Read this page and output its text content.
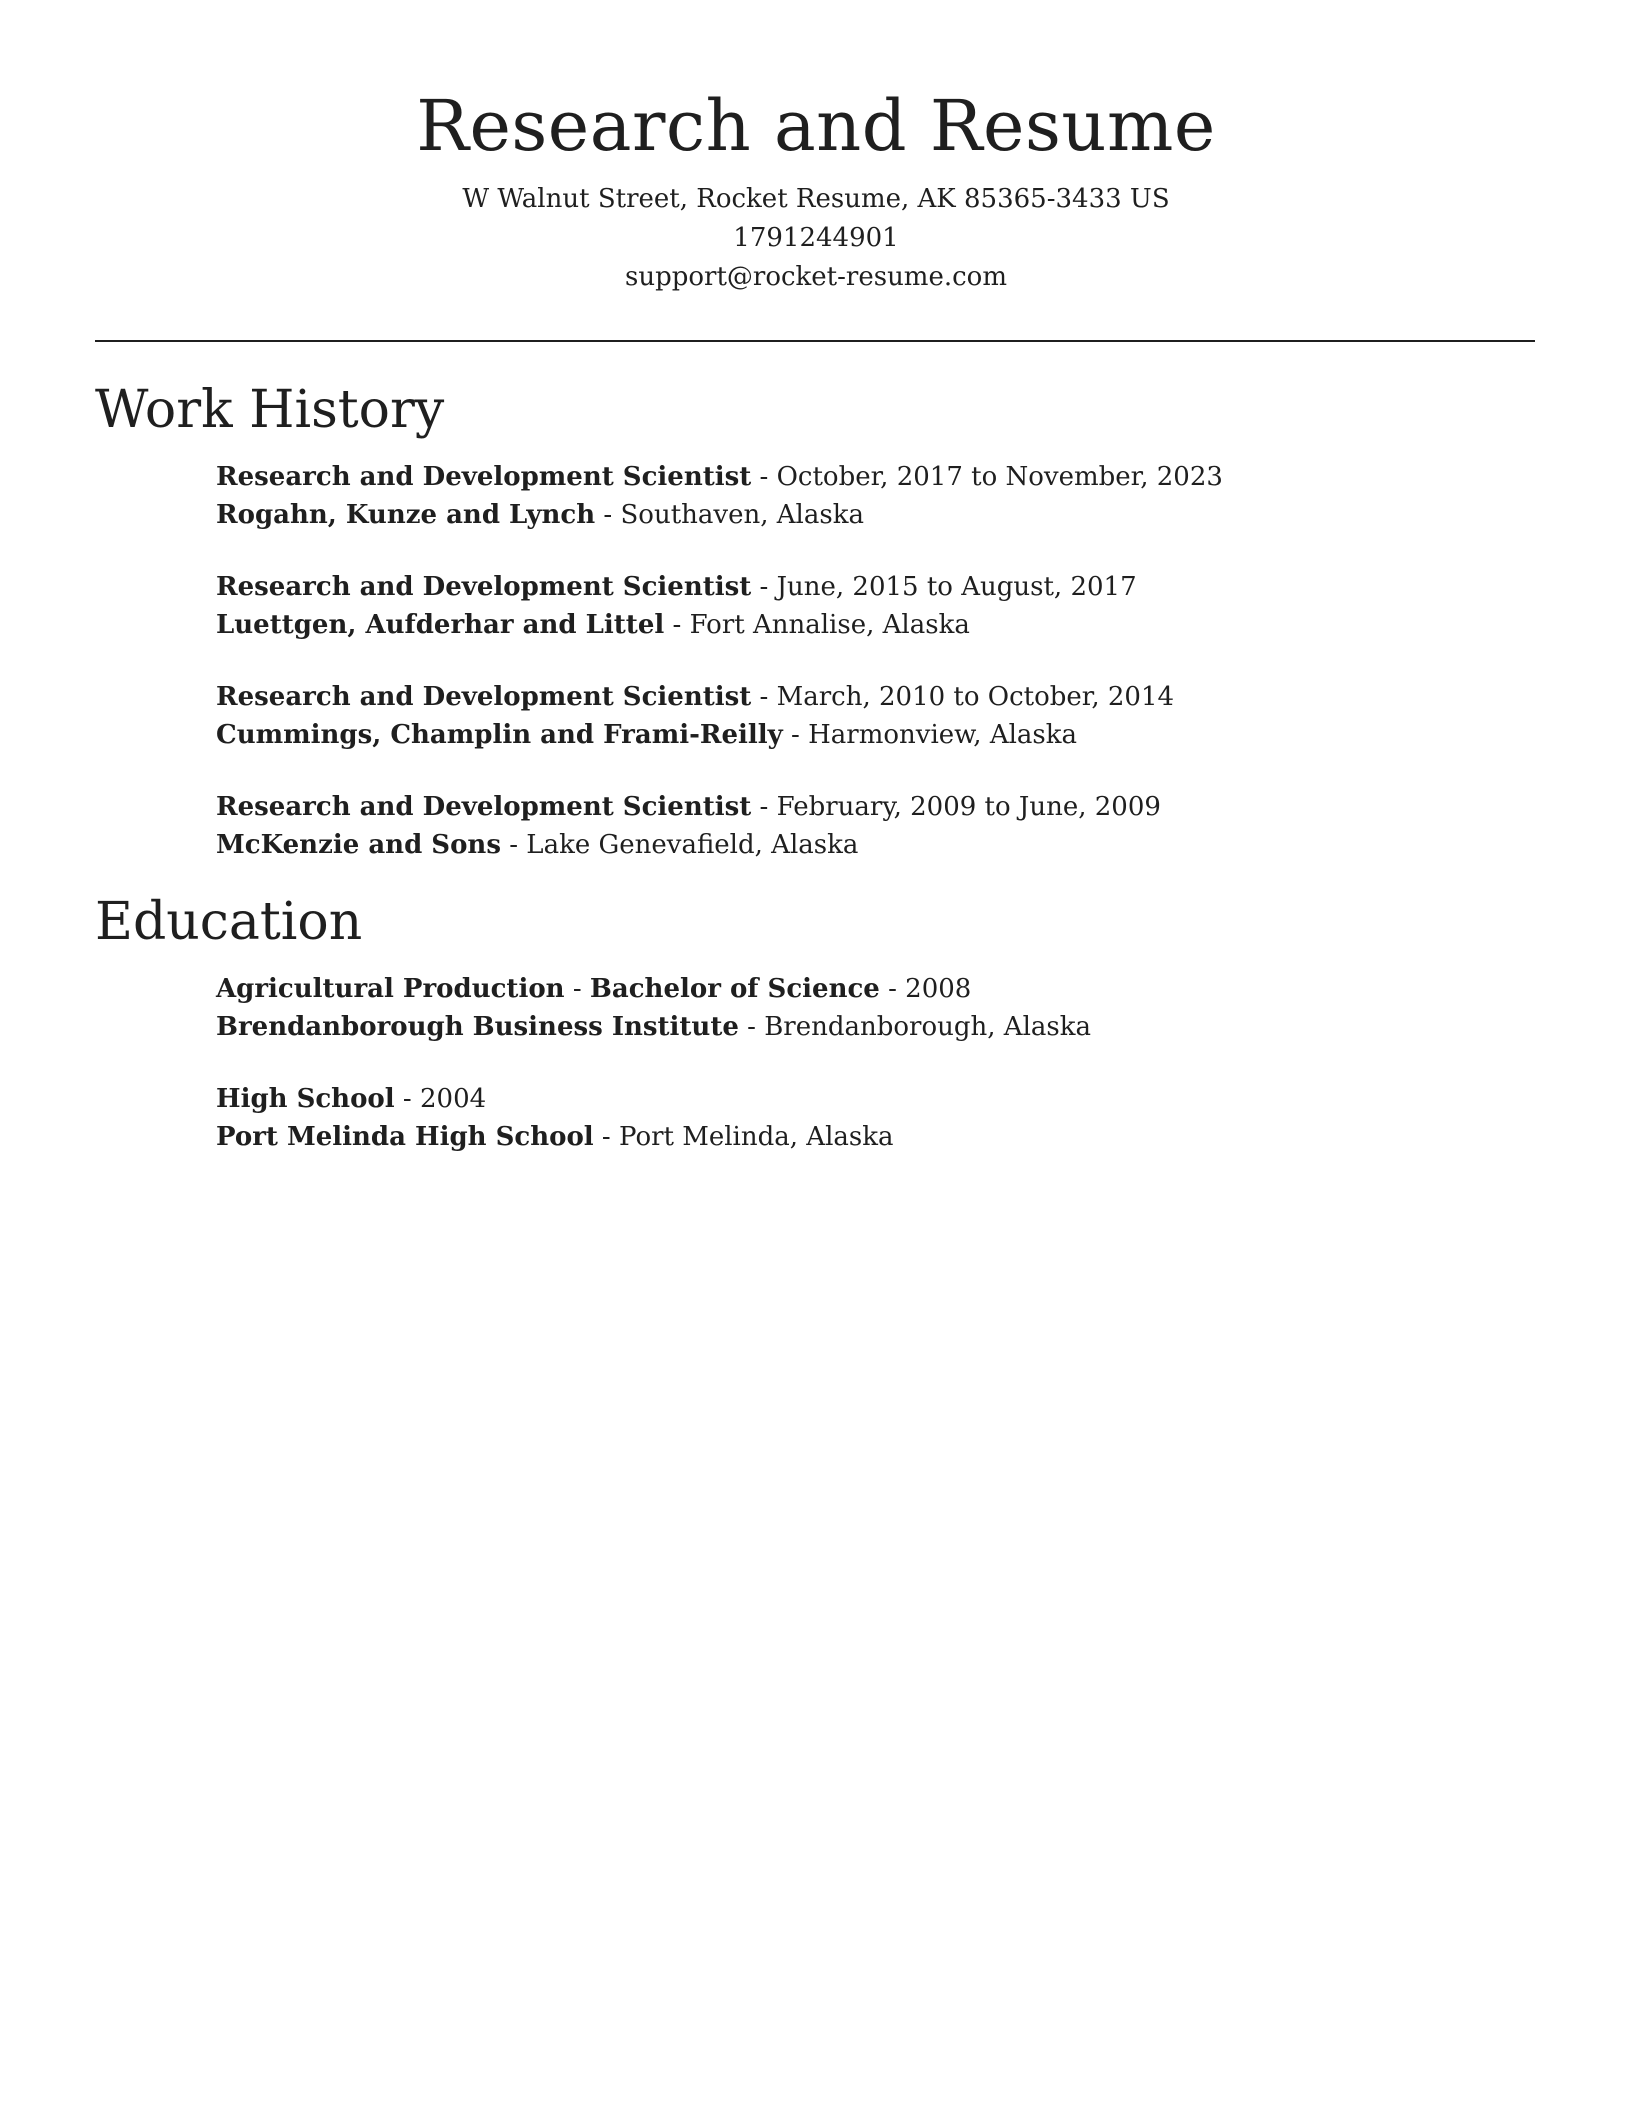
Research and Resume
W Walnut Street, Rocket Resume, AK 85365-3433 US
1791244901
support@rocket-resume.com
Work History
Research and Development Scientist - October, 2017 to November, 2023
Rogahn, Kunze and Lynch - Southaven, Alaska
Research and Development Scientist - June, 2015 to August, 2017
Luettgen, Aufderhar and Littel - Fort Annalise, Alaska
Research and Development Scientist - March, 2010 to October, 2014
Cummings, Champlin and Frami-Reilly - Harmonview, Alaska
Research and Development Scientist - February, 2009 to June, 2009
McKenzie and Sons - Lake Genevafield, Alaska
Education
Agricultural Production - Bachelor of Science - 2008
Brendanborough Business Institute - Brendanborough, Alaska
High School - 2004
Port Melinda High School - Port Melinda, Alaska
